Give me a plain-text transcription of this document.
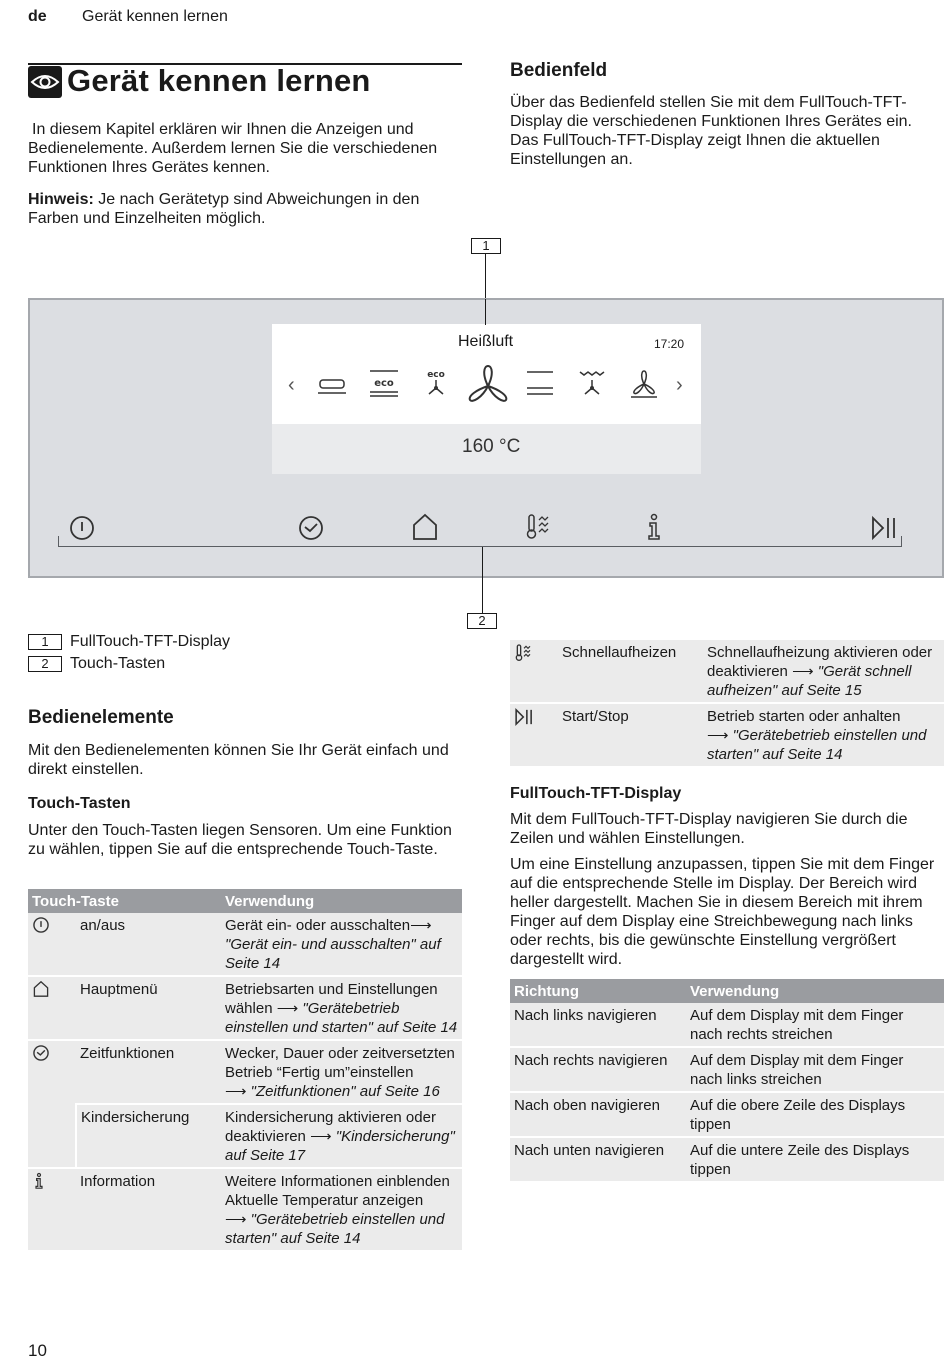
de Gerät kennen lernen
Gerät kennen lernen
In diesem Kapitel erklären wir Ihnen die Anzeigen und Bedienelemente. Außerdem lernen Sie die verschiedenen Funktionen Ihres Gerätes kennen.
Hinweis: Je nach Gerätetyp sind Abweichungen in den Farben und Einzelheiten möglich.
Bedienfeld
Über das Bedienfeld stellen Sie mit dem FullTouch-TFT-Display die verschiedenen Funktionen Ihres Gerätes ein. Das FullTouch-TFT-Display zeigt Ihnen die aktuellen Einstellungen an.
1
Heißluft	17:20
‹	›
eco
eco
160 °C
2
1 FullTouch-TFT-Display
2 Touch-Tasten
Bedienelemente
Mit den Bedienelementen können Sie Ihr Gerät einfach und direkt einstellen.
Touch-Tasten
Unter den Touch-Tasten liegen Sensoren. Um eine Funktion zu wählen, tippen Sie auf die entsprechende Touch-Taste.
Touch-Taste		Verwendung
	an/aus	Gerät ein- oder ausschalten⟶ "Gerät ein- und ausschalten" auf Seite 14
	Hauptmenü	Betriebsarten und Einstellungen wählen ⟶ "Gerätebetrieb einstellen und starten" auf Seite 14
	Zeitfunktionen	Wecker, Dauer oder zeitversetzten Betrieb “Fertig um”einstellen
⟶ "Zeitfunktionen" auf Seite 16
	Kindersicherung	Kindersicherung aktivieren oder deaktivieren ⟶ "Kindersicherung" auf Seite 17
	Information	Weitere Informationen einblenden
Aktuelle Temperatur anzeigen
⟶ "Gerätebetrieb einstellen und starten" auf Seite 14
	Schnellaufheizen	Schnellaufheizung aktivieren oder deaktivieren ⟶ "Gerät schnell aufheizen" auf Seite 15
	Start/Stop	Betrieb starten oder anhalten
⟶ "Gerätebetrieb einstellen und starten" auf Seite 14
FullTouch-TFT-Display
Mit dem FullTouch-TFT-Display navigieren Sie durch die Zeilen und wählen Einstellungen.
Um eine Einstellung anzupassen, tippen Sie mit dem Finger auf die entsprechende Stelle im Display. Der Bereich wird heller dargestellt. Machen Sie in diesem Bereich mit ihrem Finger auf dem Display eine Streichbewegung nach links oder rechts, bis die gewünschte Einstellung vergrößert dargestellt wird.
Richtung	Verwendung
Nach links navigieren	Auf dem Display mit dem Finger nach rechts streichen
Nach rechts navigieren	Auf dem Display mit dem Finger nach links streichen
Nach oben navigieren	Auf die obere Zeile des Displays tippen
Nach unten navigieren	Auf die untere Zeile des Displays tippen
10
